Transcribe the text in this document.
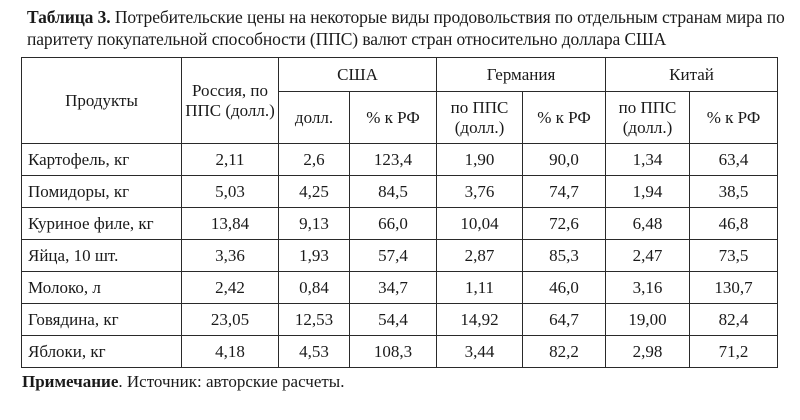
Таблица 3. Потребительские цены на некоторые виды продовольствия по отдельным странам мира по паритету покупательной способности (ППС) валют стран относительно доллара США
Продукты	Россия, по ППС (долл.)	США		Германия		Китай	
		долл.	% к РФ	по ППС (долл.)	% к РФ	по ППС (долл.)	% к РФ
Картофель, кг	2,11	2,6	123,4	1,90	90,0	1,34	63,4
Помидоры, кг	5,03	4,25	84,5	3,76	74,7	1,94	38,5
Куриное филе, кг	13,84	9,13	66,0	10,04	72,6	6,48	46,8
Яйца, 10 шт.	3,36	1,93	57,4	2,87	85,3	2,47	73,5
Молоко, л	2,42	0,84	34,7	1,11	46,0	3,16	130,7
Говядина, кг	23,05	12,53	54,4	14,92	64,7	19,00	82,4
Яблоки, кг	4,18	4,53	108,3	3,44	82,2	2,98	71,2
Примечание. Источник: авторские расчеты.
